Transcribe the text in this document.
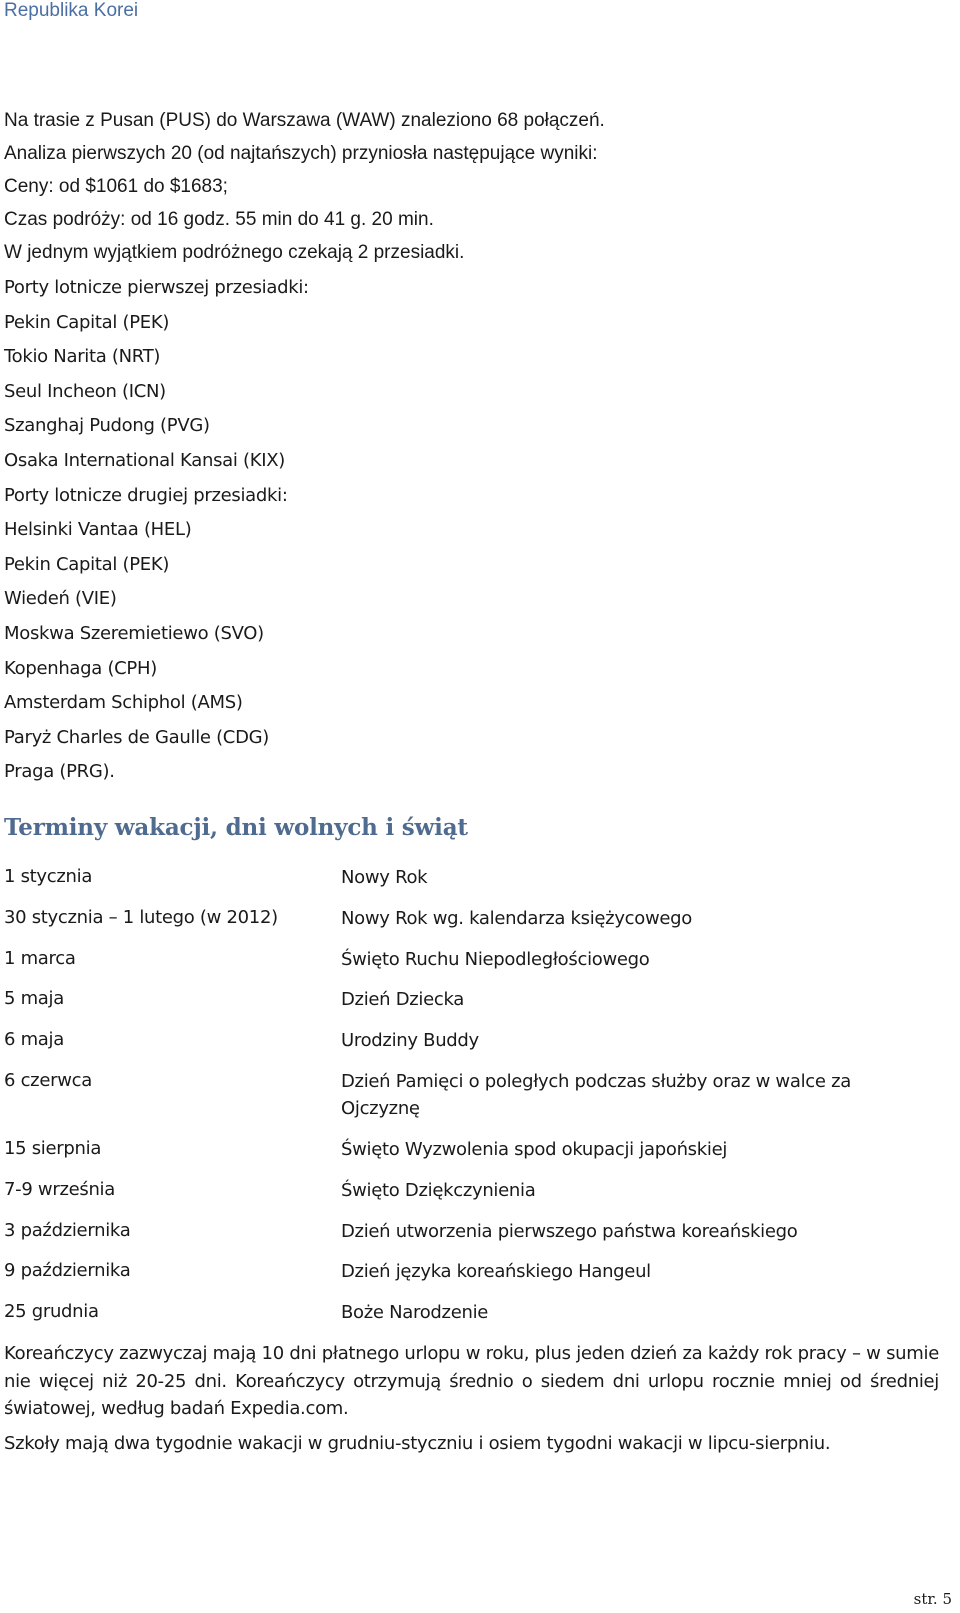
Republika Korei
Na trasie z Pusan (PUS) do Warszawa (WAW) znaleziono 68 połączeń.
Analiza pierwszych 20 (od najtańszych) przyniosła następujące wyniki:
Ceny: od $1061 do $1683;
Czas podróży: od 16 godz. 55 min do 41 g. 20 min.
W jednym wyjątkiem podróżnego czekają 2 przesiadki.
Porty lotnicze pierwszej przesiadki:
Pekin Capital (PEK)
Tokio Narita (NRT)
Seul Incheon (ICN)
Szanghaj Pudong (PVG)
Osaka International Kansai (KIX)
Porty lotnicze drugiej przesiadki:
Helsinki Vantaa (HEL)
Pekin Capital (PEK)
Wiedeń (VIE)
Moskwa Szeremietiewo (SVO)
Kopenhaga (CPH)
Amsterdam Schiphol (AMS)
Paryż Charles de Gaulle (CDG)
Praga (PRG).
Terminy wakacji, dni wolnych i świąt
1 stycznia	Nowy Rok
30 stycznia – 1 lutego (w 2012)	Nowy Rok wg. kalendarza księżycowego
1 marca	Święto Ruchu Niepodległościowego
5 maja	Dzień Dziecka
6 maja	Urodziny Buddy
6 czerwca	Dzień Pamięci o poległych podczas służby oraz w walce za Ojczyznę
15 sierpnia	Święto Wyzwolenia spod okupacji japońskiej
7-9 września	Święto Dziękczynienia
3 października	Dzień utworzenia pierwszego państwa koreańskiego
9 października	Dzień języka koreańskiego Hangeul
25 grudnia	Boże Narodzenie

Koreańczycy zazwyczaj mają 10 dni płatnego urlopu w roku, plus jeden dzień za każdy rok pracy – w sumie nie więcej niż 20-25 dni. Koreańczycy otrzymują średnio o siedem dni urlopu rocznie mniej od średniej światowej, według badań Expedia.com.

Szkoły mają dwa tygodnie wakacji w grudniu-styczniu i osiem tygodni wakacji w lipcu-sierpniu.

str. 5
